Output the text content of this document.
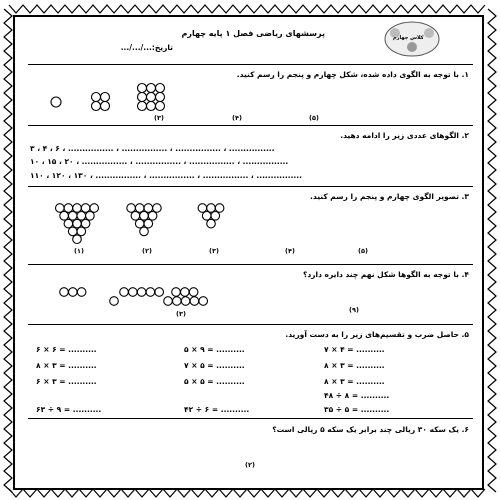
پرسشهای ریاضی فصل ۱ پایه چهارم
تاریخ:.../.../...
کلاس چهارم
۱. با توجه به الگوی داده شده، شکل چهارم و پنجم را رسم کنید.
(۳)	(۴)	(۵)
۲. الگوهای عددی زیر را ادامه دهید.
۳ ، ۴ ، ۶ ، ................ ، ................ ، ................ ، ................
۱۰ ، ۱۵ ، ۲۰ ، ................ ، ................ ، ................ ، ................
۱۱۰ ، ۱۲۰ ، ۱۳۰ ، ................ ، ................ ، ................ ، ................
۳. تصویر الگوی چهارم و پنجم را رسم کنید.
(۱)	(۲)	(۳)	(۴)	(۵)
۴. با توجه به الگوها شکل نهم چند دایره دارد؟
(۳)	(۹)
۵. حاصل ضرب و تقسیم‌های زیر را به دست آورید.
۷ × ۴ = ..........
۸ × ۳ = ..........
۸ × ۳ = ..........
۴۸ ÷ ۸ = ..........
۳۵ ÷ ۵ = ..........
۵ × ۹ = ..........
۷ × ۵ = ..........
۵ × ۵ = ..........
۴۲ ÷ ۶ = ..........
۶ × ۶ = ..........
۸ × ۳ = ..........
۶ × ۳ = ..........
۶۳ ÷ ۹ = ..........
۶. یک سکه ۳۰ ریالی چند برابر یک سکه ۵ ریالی است؟
(۲)
